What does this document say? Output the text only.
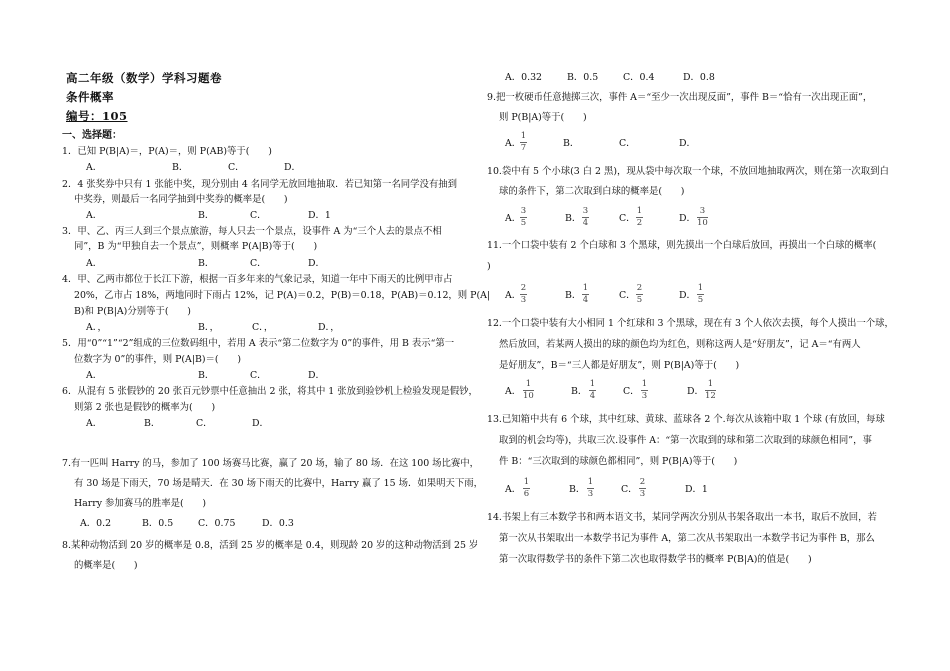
高二年级（数学）学科习题卷
条件概率
编号：105
一、选择题：
1．已知 P(B|A)＝，P(A)＝，则 P(AB)等于(　　)
A．	B．	C．	D．
2．4 张奖券中只有 1 张能中奖，现分别由 4 名同学无放回地抽取．若已知第一名同学没有抽到
中奖券，则最后一名同学抽到中奖券的概率是(　　)
A．	B．	C．	D．1
3．甲、乙、丙三人到三个景点旅游，每人只去一个景点，设事件 A 为“三个人去的景点不相
同”，B 为“甲独自去一个景点”，则概率 P(A|B)等于(　　)
A．	B．	C．	D．
4．甲、乙两市都位于长江下游，根据一百多年来的气象记录，知道一年中下雨天的比例甲市占
20%，乙市占 18%，两地同时下雨占 12%，记 P(A)＝0.2，P(B)＝0.18，P(AB)＝0.12，则 P(A|
B)和 P(B|A)分别等于(　　)
A．，	B．，	C．，	D．，
5．用“0”“1”“2”组成的三位数码组中，若用 A 表示“第二位数字为 0”的事件，用 B 表示“第一
位数字为 0”的事件，则 P(A|B)＝(　　)
A．	B．	C．	D．
6．从混有 5 张假钞的 20 张百元钞票中任意抽出 2 张，将其中 1 张放到验钞机上检验发现是假钞，
则第 2 张也是假钞的概率为(　　)
A．	B．	C．	D．
7.有一匹叫 Harry 的马，参加了 100 场赛马比赛，赢了 20 场，输了 80 场．在这 100 场比赛中，
有 30 场是下雨天，70 场是晴天．在 30 场下雨天的比赛中，Harry 赢了 15 场．如果明天下雨，
Harry 参加赛马的胜率是(　　)
A．0.2	B．0.5	C．0.75	D．0.3
8.某种动物活到 20 岁的概率是 0.8，活到 25 岁的概率是 0.4，则现龄 20 岁的这种动物活到 25 岁
的概率是(　　)
A．0.32	B．0.5	C．0.4	D．0.8
9.把一枚硬币任意抛掷三次，事件 A＝“至少一次出现反面”，事件 B＝“恰有一次出现正面”，
则 P(B|A)等于(　　)
A．
1
7	B．	C．	D．
10.袋中有 5 个小球(3 白 2 黑)，现从袋中每次取一个球，不放回地抽取两次，则在第一次取到白
球的条件下，第二次取到白球的概率是(　　)
A．
3
5	B．
3
4	C．
1
2	D．
3
10
11.一个口袋中装有 2 个白球和 3 个黑球，则先摸出一个白球后放回，再摸出一个白球的概率(
)
A．
2
3	B．
1
4	C．
2
5	D．
1
5
12.一个口袋中装有大小相同 1 个红球和 3 个黑球，现在有 3 个人依次去摸，每个人摸出一个球，
然后放回，若某两人摸出的球的颜色均为红色，则称这两人是“好朋友”，记 A＝“有两人
是好朋友”，B＝“三人都是好朋友”，则 P(B|A)等于(　　)
A．
1
10	B．
1
4	C．
1
3	D．
1
12
13.已知箱中共有 6 个球，其中红球、黄球、蓝球各 2 个.每次从该箱中取 1 个球 (有放回，每球
取到的机会均等)，共取三次.设事件 A：“第一次取到的球和第二次取到的球颜色相同”，事
件 B：“三次取到的球颜色都相同”，则 P(B|A)等于(　　)
A．
1
6	B．
1
3	C．
2
3	D．1
14.书架上有三本数学书和两本语文书，某同学两次分别从书架各取出一本书，取后不放回，若
第一次从书架取出一本数学书记为事件 A，第二次从书架取出一本数学书记为事件 B，那么
第一次取得数学书的条件下第二次也取得数学书的概率 P(B|A)的值是(　　)
